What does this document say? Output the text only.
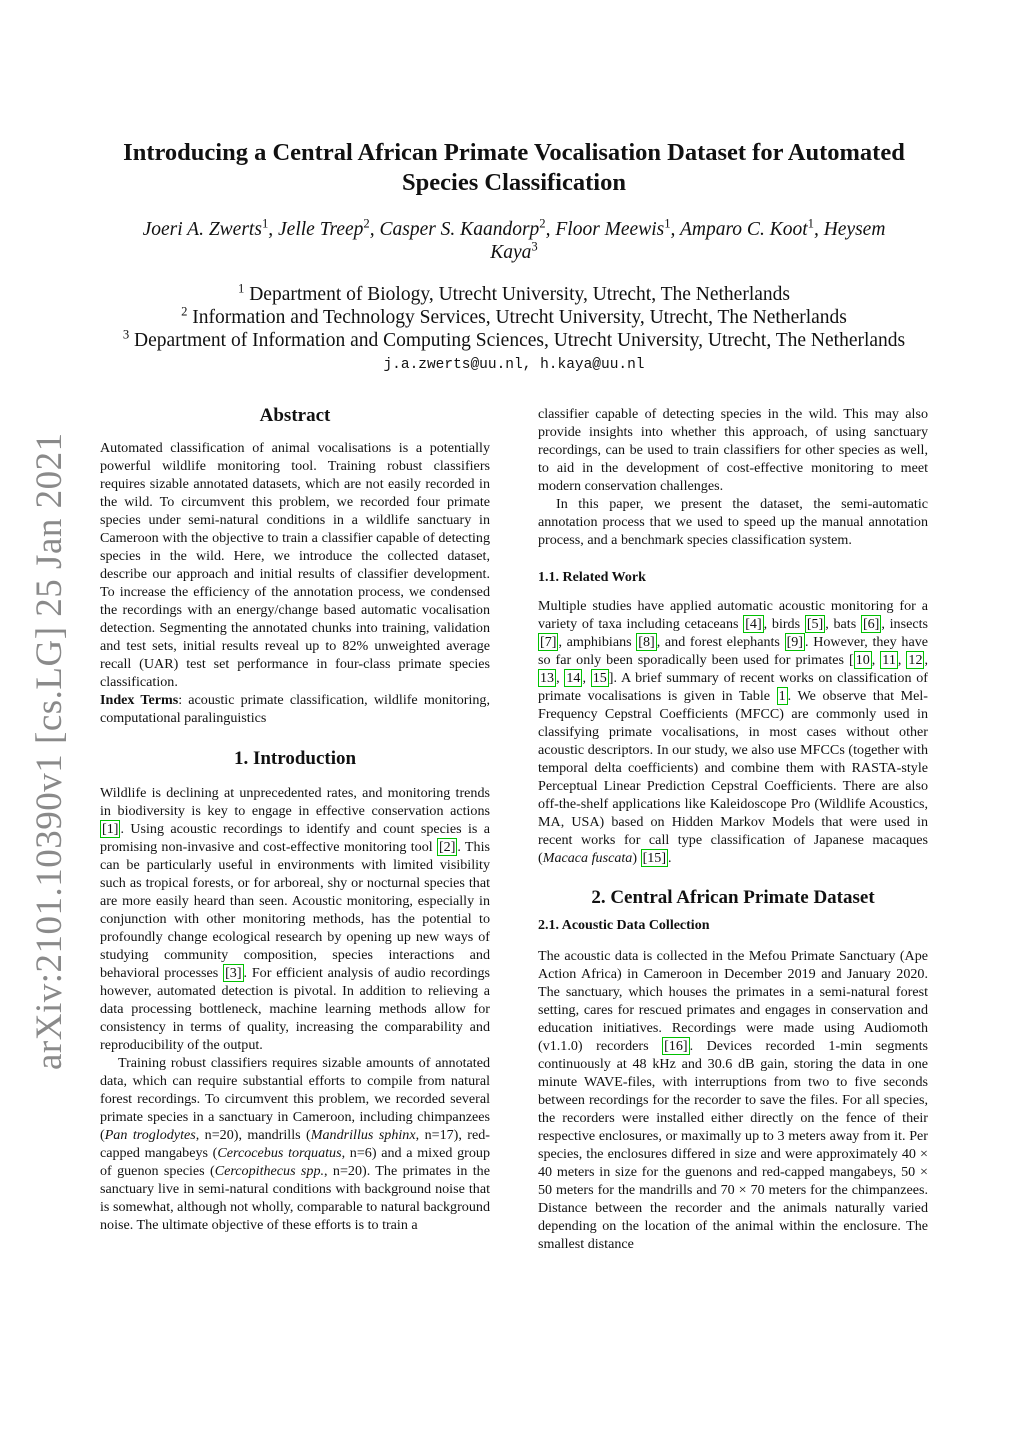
arXiv:2101.10390v1 [cs.LG] 25 Jan 2021
Introducing a Central African Primate Vocalisation Dataset for Automated
Species Classification
Joeri A. Zwerts$^1$, Jelle Treep$^2$, Casper S. Kaandorp$^2$, Floor Meewis$^1$, Amparo C. Koot$^1$, Heysem
Kaya$^3$
$^1$ Department of Biology, Utrecht University, Utrecht, The Netherlands
$^2$ Information and Technology Services, Utrecht University, Utrecht, The Netherlands
$^3$ Department of Information and Computing Sciences, Utrecht University, Utrecht, The Netherlands
j.a.zwerts@uu.nl, h.kaya@uu.nl
Abstract

Automated classification of animal vocalisations is a potentially powerful wildlife monitoring tool. Training robust classifiers requires sizable annotated datasets, which are not easily recorded in the wild. To circumvent this problem, we recorded four primate species under semi-natural conditions in a wildlife sanctuary in Cameroon with the objective to train a classifier capable of detecting species in the wild. Here, we introduce the collected dataset, describe our approach and initial results of classifier development. To increase the efficiency of the annotation process, we condensed the recordings with an energy/change based automatic vocalisation detection. Segmenting the annotated chunks into training, validation and test sets, initial results reveal up to 82% unweighted average recall (UAR) test set performance in four-class primate species classification.

Index Terms: acoustic primate classification, wildlife monitoring, computational paralinguistics

1. Introduction

Wildlife is declining at unprecedented rates, and monitoring trends in biodiversity is key to engage in effective conservation actions [1] . Using acoustic recordings to identify and count species is a promising non-invasive and cost-effective monitoring tool [2] . This can be particularly useful in environments with limited visibility such as tropical forests, or for arboreal, shy or nocturnal species that are more easily heard than seen. Acoustic monitoring, especially in conjunction with other monitoring methods, has the potential to profoundly change ecological research by opening up new ways of studying community composition, species interactions and behavioral processes [3] . For efficient analysis of audio recordings however, automated detection is pivotal. In addition to relieving a data processing bottleneck, machine learning methods allow for consistency in terms of quality, increasing the comparability and reproducibility of the output.

Training robust classifiers requires sizable amounts of annotated data, which can require substantial efforts to compile from natural forest recordings. To circumvent this problem, we recorded several primate species in a sanctuary in Cameroon, including chimpanzees (Pan troglodytes, n=20), mandrills (Mandrillus sphinx, n=17), red-capped mangabeys (Cercocebus torquatus, n=6) and a mixed group of guenon species (Cercopithecus spp., n=20). The primates in the sanctuary live in semi-natural conditions with background noise that is somewhat, although not wholly, comparable to natural background noise. The ultimate objective of these efforts is to train a

classifier capable of detecting species in the wild. This may also provide insights into whether this approach, of using sanctuary recordings, can be used to train classifiers for other species as well, to aid in the development of cost-effective monitoring to meet modern conservation challenges.

In this paper, we present the dataset, the semi-automatic annotation process that we used to speed up the manual annotation process, and a benchmark species classification system.

1.1. Related Work

Multiple studies have applied automatic acoustic monitoring for a variety of taxa including cetaceans [4] , birds [5] , bats [6] , insects [7] , amphibians [8] , and forest elephants [9] . However, they have so far only been sporadically been used for primates [ 10 , 11 , 12 , 13 , 14 , 15 ]. A brief summary of recent works on classification of primate vocalisations is given in Table 1 . We observe that Mel-Frequency Cepstral Coefficients (MFCC) are commonly used in classifying primate vocalisations, in most cases without other acoustic descriptors. In our study, we also use MFCCs (together with temporal delta coefficients) and combine them with RASTA-style Perceptual Linear Prediction Cepstral Coefficients. There are also off-the-shelf applications like Kaleidoscope Pro (Wildlife Acoustics, MA, USA) based on Hidden Markov Models that were used in recent works for call type classification of Japanese macaques (Macaca fuscata) [15] .

2. Central African Primate Dataset
2.1. Acoustic Data Collection

The acoustic data is collected in the Mefou Primate Sanctuary (Ape Action Africa) in Cameroon in December 2019 and January 2020. The sanctuary, which houses the primates in a semi-natural forest setting, cares for rescued primates and engages in conservation and education initiatives. Recordings were made using Audiomoth (v1.1.0) recorders [16] . Devices recorded 1-min segments continuously at 48 kHz and 30.6 dB gain, storing the data in one minute WAVE-files, with interruptions from two to five seconds between recordings for the recorder to save the files. For all species, the recorders were installed either directly on the fence of their respective enclosures, or maximally up to 3 meters away from it. Per species, the enclosures differed in size and were approximately 40 × 40 meters in size for the guenons and red-capped mangabeys, 50 × 50 meters for the mandrills and 70 × 70 meters for the chimpanzees. Distance between the recorder and the animals naturally varied depending on the location of the animal within the enclosure. The smallest distance
